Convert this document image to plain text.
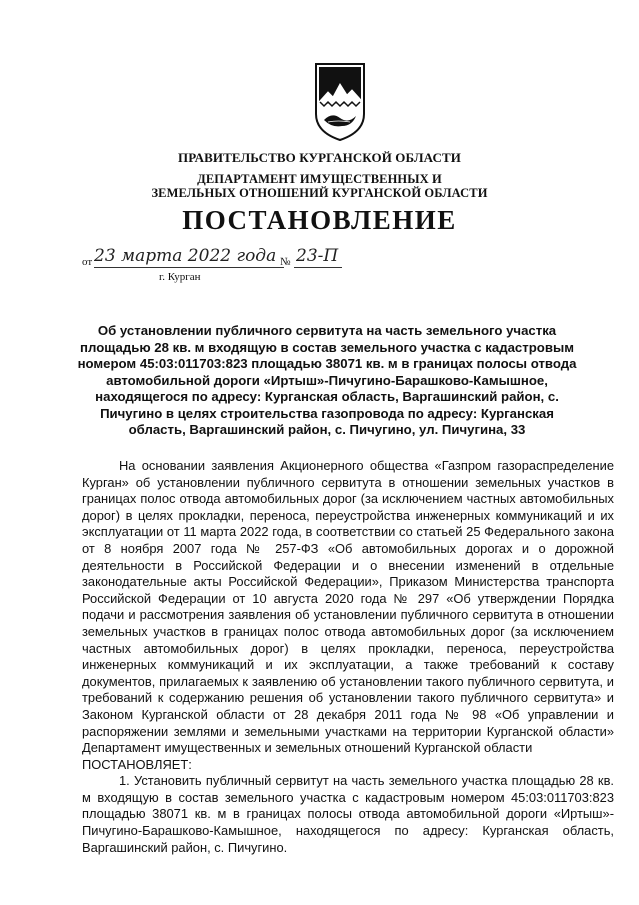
ПРАВИТЕЛЬСТВО КУРГАНСКОЙ ОБЛАСТИ
ДЕПАРТАМЕНТ ИМУЩЕСТВЕННЫХ И
ЗЕМЕЛЬНЫХ ОТНОШЕНИЙ КУРГАНСКОЙ ОБЛАСТИ
ПОСТАНОВЛЕНИЕ
от 23 марта 2022 года № 23-П
г. Курган
Об установлении публичного сервитута на часть земельного участка площадью 28 кв. м входящую в состав земельного участка с кадастровым номером 45:03:011703:823 площадью 38071 кв. м в границах полосы отвода автомобильной дороги «Иртыш»-Пичугино-Барашково-Камышное, находящегося по адресу: Курганская область, Варгашинский район, с. Пичугино в целях строительства газопровода по адресу: Курганская область, Варгашинский район, с. Пичугино, ул. Пичугина, 33

На основании заявления Акционерного общества «Газпром газораспределение Курган» об установлении публичного сервитута в отношении земельных участков в границах полос отвода автомобильных дорог (за исключением частных автомобильных дорог) в целях прокладки, переноса, переустройства инженерных коммуникаций и их эксплуатации от 11 марта 2022 года, в соответствии со статьей 25 Федерального закона от 8 ноября 2007 года № 257-ФЗ «Об автомобильных дорогах и о дорожной деятельности в Российской Федерации и о внесении изменений в отдельные законодательные акты Российской Федерации», Приказом Министерства транспорта Российской Федерации от 10 августа 2020 года № 297 «Об утверждении Порядка подачи и рассмотрения заявления об установлении публичного сервитута в отношении земельных участков в границах полос отвода автомобильных дорог (за исключением частных автомобильных дорог) в целях прокладки, переноса, переустройства инженерных коммуникаций и их эксплуатации, а также требований к составу документов, прилагаемых к заявлению об установлении такого публичного сервитута, и требований к содержанию решения об установлении такого публичного сервитута» и Законом Курганской области от 28 декабря 2011 года № 98 «Об управлении и распоряжении землями и земельными участками на территории Курганской области» Департамент имущественных и земельных отношений Курганской области

ПОСТАНОВЛЯЕТ:

1. Установить публичный сервитут на часть земельного участка площадью 28 кв. м входящую в состав земельного участка с кадастровым номером 45:03:011703:823 площадью 38071 кв. м в границах полосы отвода автомобильной дороги «Иртыш»-Пичугино-Барашково-Камышное, находящегося по адресу: Курганская область, Варгашинский район, с. Пичугино.
